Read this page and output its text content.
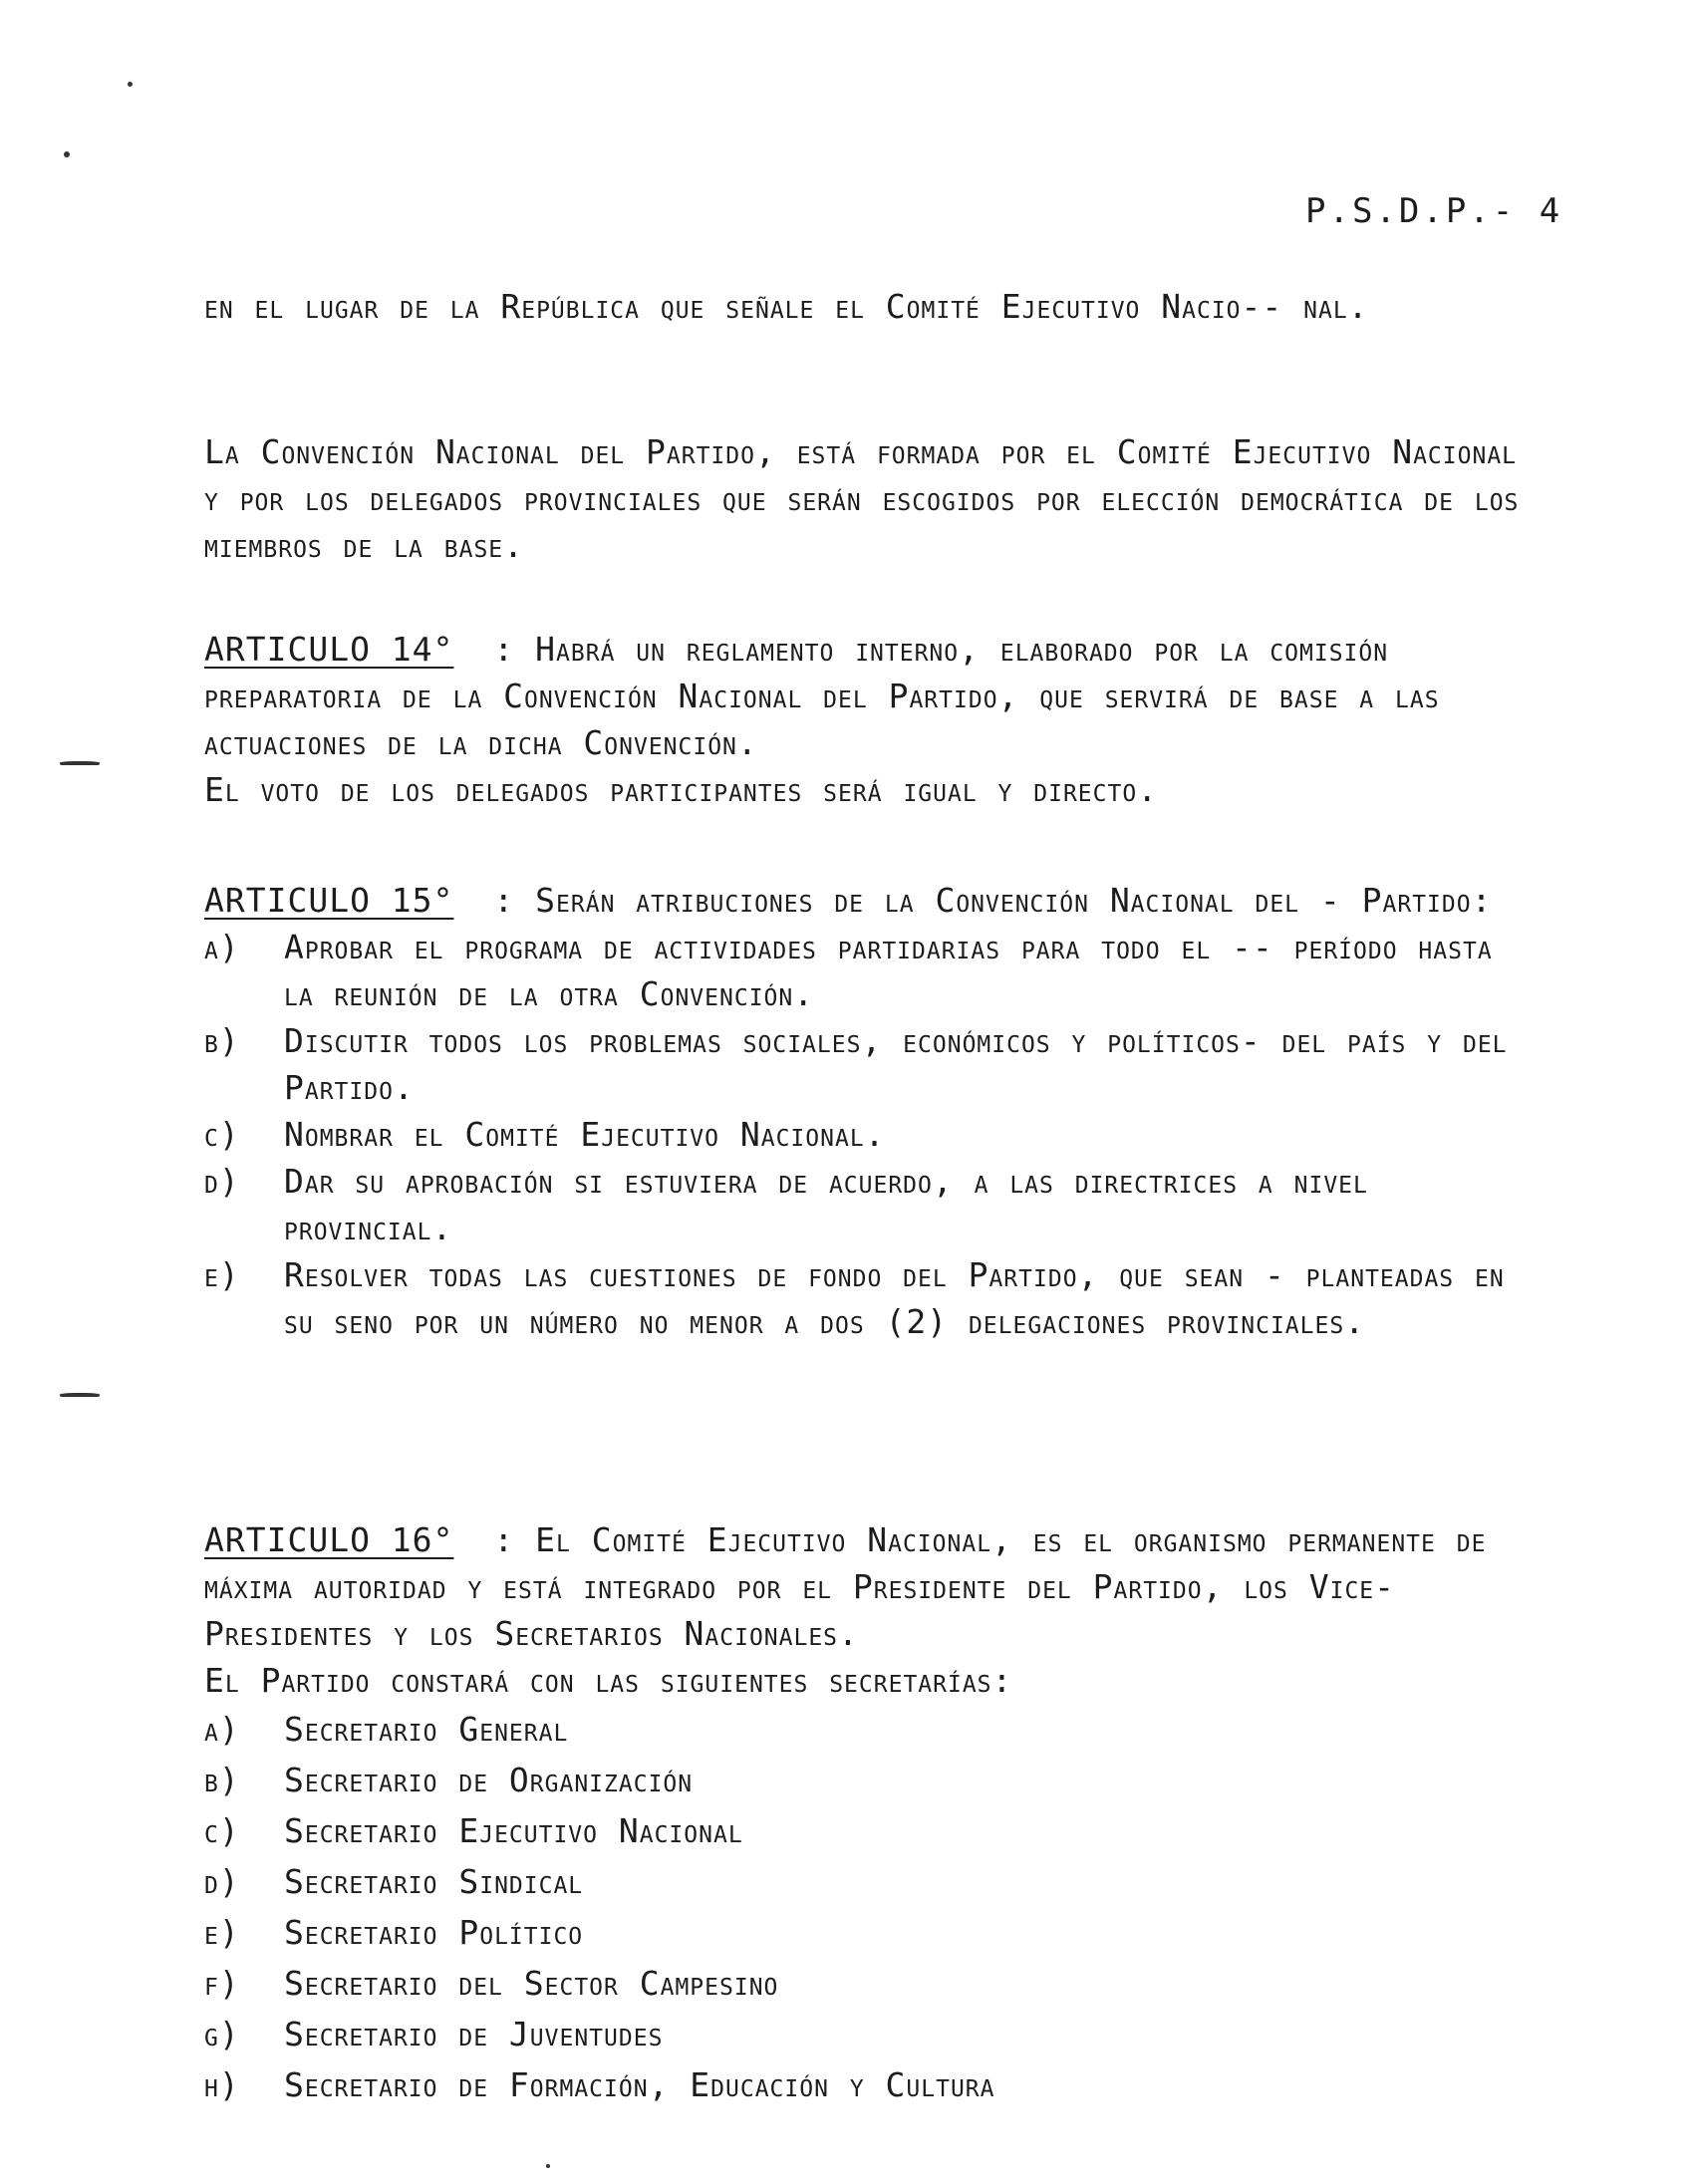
P.S.D.P.- 4

en el lugar de la República que señale el Comité Ejecutivo Nacio-- nal.

La Convención Nacional del Partido, está formada por el Comité Ejecutivo Nacional y por los delegados provinciales que serán escogidos por elección democrática de los miembros de la base.

ARTICULO 14° : Habrá un reglamento interno, elaborado por la comisión preparatoria de la Convención Nacional del Partido, que servirá de base a las actuaciones de la dicha Convención.

El voto de los delegados participantes será igual y directo.

ARTICULO 15° : Serán atribuciones de la Convención Nacional del - Partido:

a) Aprobar el programa de actividades partidarias para todo el -- período hasta la reunión de la otra Convención.
b) Discutir todos los problemas sociales, económicos y políticos- del país y del Partido.
c) Nombrar el Comité Ejecutivo Nacional.
d) Dar su aprobación si estuviera de acuerdo, a las directrices a nivel provincial.
e) Resolver todas las cuestiones de fondo del Partido, que sean - planteadas en su seno por un número no menor a dos (2) delegaciones provinciales.

ARTICULO 16° : El Comité Ejecutivo Nacional, es el organismo permanente de máxima autoridad y está integrado por el Presidente del Partido, los Vice-Presidentes y los Secretarios Nacionales.

El Partido constará con las siguientes secretarías:

a) Secretario General
b) Secretario de Organización
c) Secretario Ejecutivo Nacional
d) Secretario Sindical
e) Secretario Político
f) Secretario del Sector Campesino
g) Secretario de Juventudes
h) Secretario de Formación, Educación y Cultura
